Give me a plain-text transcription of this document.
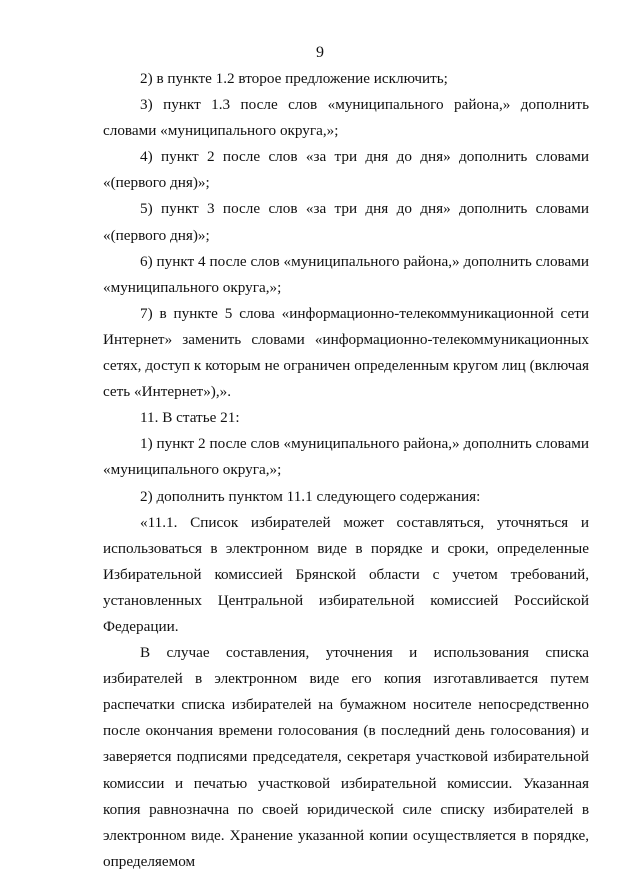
9

2) в пункте 1.2 второе предложение исключить;

3) пункт 1.3 после слов «муниципального района,» дополнить словами «муниципального округа,»;

4) пункт 2 после слов «за три дня до дня» дополнить словами «(первого дня)»;

5) пункт 3 после слов «за три дня до дня» дополнить словами «(первого дня)»;

6) пункт 4 после слов «муниципального района,» дополнить словами «муниципального округа,»;

7) в пункте 5 слова «информационно-телекоммуникационной сети Интернет» заменить словами «информационно-телекоммуникационных сетях, доступ к которым не ограничен определенным кругом лиц (включая сеть «Интернет»),».

11. В статье 21:

1) пункт 2 после слов «муниципального района,» дополнить словами «муниципального округа,»;

2) дополнить пунктом 11.1 следующего содержания:

«11.1. Список избирателей может составляться, уточняться и использоваться в электронном виде в порядке и сроки, определенные Избирательной комиссией Брянской области с учетом требований, установленных Центральной избирательной комиссией Российской Федерации.

В случае составления, уточнения и использования списка избирателей в электронном виде его копия изготавливается путем распечатки списка избирателей на бумажном носителе непосредственно после окончания времени голосования (в последний день голосования) и заверяется подписями председателя, секретаря участковой избирательной комиссии и печатью участковой избирательной комиссии. Указанная копия равнозначна по своей юридической силе списку избирателей в электронном виде. Хранение указанной копии осуществляется в порядке, определяемом
